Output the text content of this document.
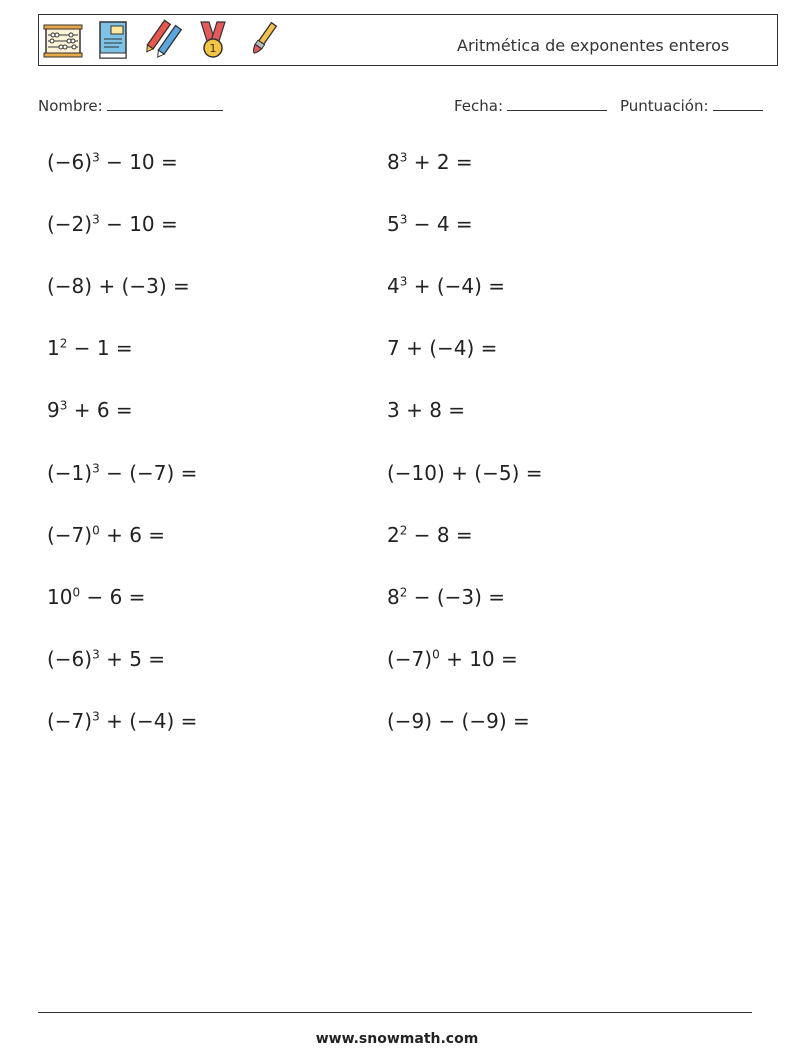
1	Aritmética de exponentes enteros
Nombre:	Fecha:	Puntuación:
$(-6)^3 - 10$ =
$(-2)^3 - 10$ =
(−8) + (−3) =
$1^2 - 1$ =
$9^3 + 6$ =
$(-1)^3 - (-7)$ =
$(-7)^0 + 6$ =
$10^0 - 6$ =
$(-6)^3 + 5$ =
$(-7)^3 + (-4)$ =
$8^3 + 2$ =
$5^3 - 4$ =
$4^3 + (-4)$ =
7 + (−4) =
3 + 8 =
(−10) + (−5) =
$2^2 - 8$ =
$8^2 - (-3)$ =
$(-7)^0 + 10$ =
(−9) − (−9) =
www.snowmath.com
